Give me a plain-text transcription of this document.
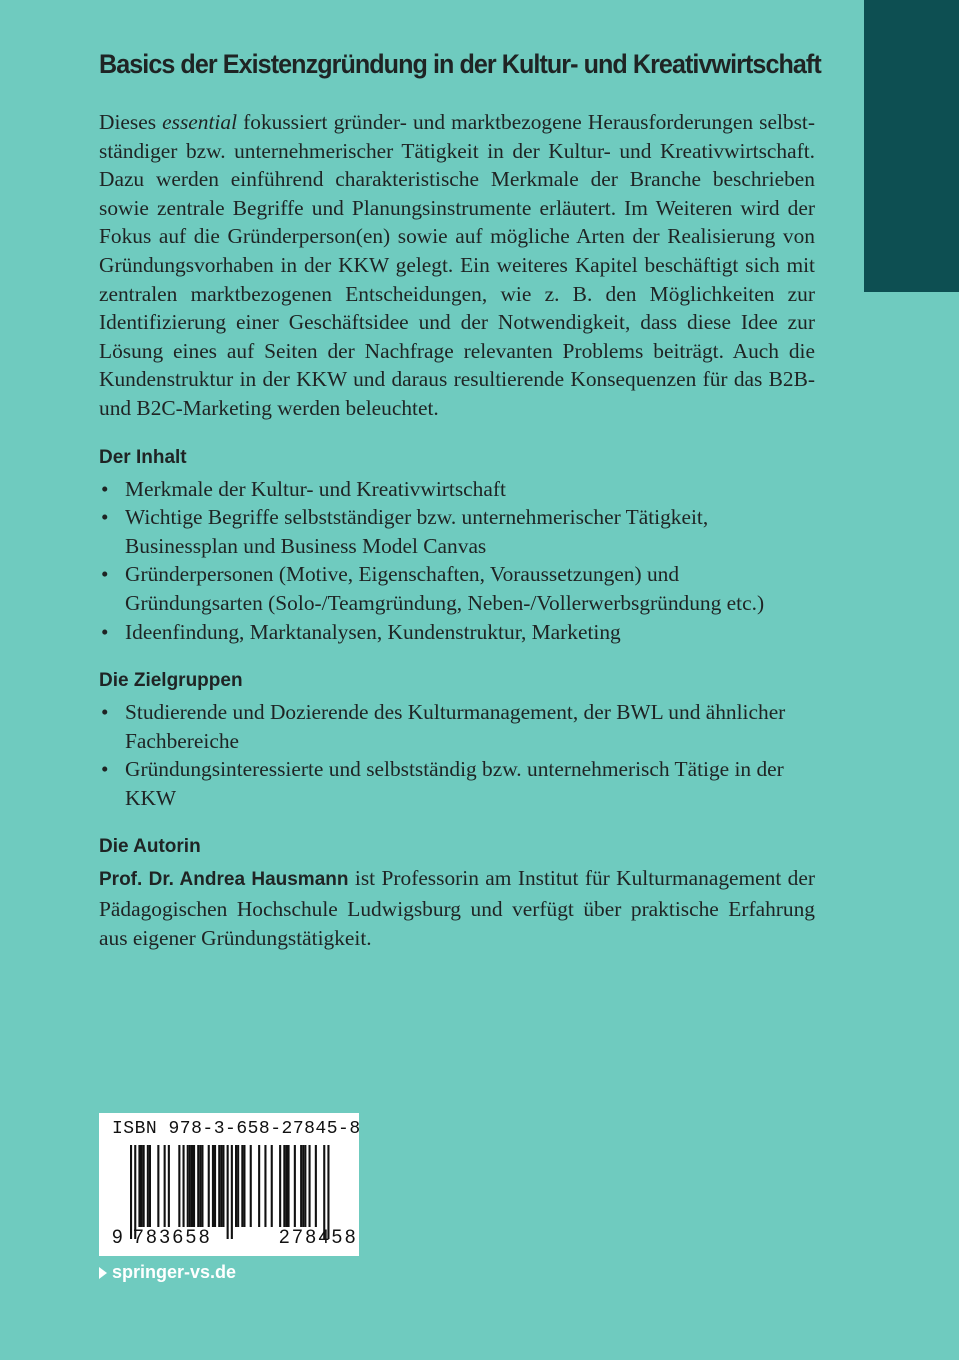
Basics der Existenzgründung in der Kultur- und Kreativwirtschaft

Dieses essential fokussiert gründer- und marktbezogene Herausforderungen selbstständiger bzw. unternehmerischer Tätigkeit in der Kultur- und Kreativwirtschaft. Dazu werden einführend charakteristische Merkmale der Branche beschrieben sowie zentrale Begriffe und Planungsinstrumente erläutert. Im Weiteren wird der Fokus auf die Gründerperson(en) sowie auf mögliche Arten der Realisierung von Gründungsvorhaben in der KKW gelegt. Ein weiteres Kapitel beschäftigt sich mit zentralen marktbezogenen Entscheidungen, wie z. B. den Möglichkeiten zur Identifizierung einer Geschäftsidee und der Notwendigkeit, dass diese Idee zur Lösung eines auf Seiten der Nachfrage relevanten Problems beiträgt. Auch die Kundenstruktur in der KKW und daraus resultierende Konsequenzen für das B2B- und B2C-Marketing werden beleuchtet.

Der Inhalt
• Merkmale der Kultur- und Kreativwirtschaft
• Wichtige Begriffe selbstständiger bzw. unternehmerischer Tätigkeit, Businessplan und Business Model Canvas
• Gründerpersonen (Motive, Eigenschaften, Voraussetzungen) und Gründungsarten (Solo-/Teamgründung, Neben-/Vollerwerbsgründung etc.)
• Ideenfindung, Marktanalysen, Kundenstruktur, Marketing
Die Zielgruppen
• Studierende und Dozierende des Kulturmanagement, der BWL und ähnlicher Fachbereiche
• Gründungsinteressierte und selbstständig bzw. unternehmerisch Tätige in der KKW
Die Autorin

Prof. Dr. Andrea Hausmann ist Professorin am Institut für Kulturmanagement der Pädagogischen Hochschule Ludwigsburg und verfügt über praktische Erfahrung aus eigener Gründungstätigkeit.

ISBN 978-3-658-27845-8
9 783658	278458
springer-vs.de
